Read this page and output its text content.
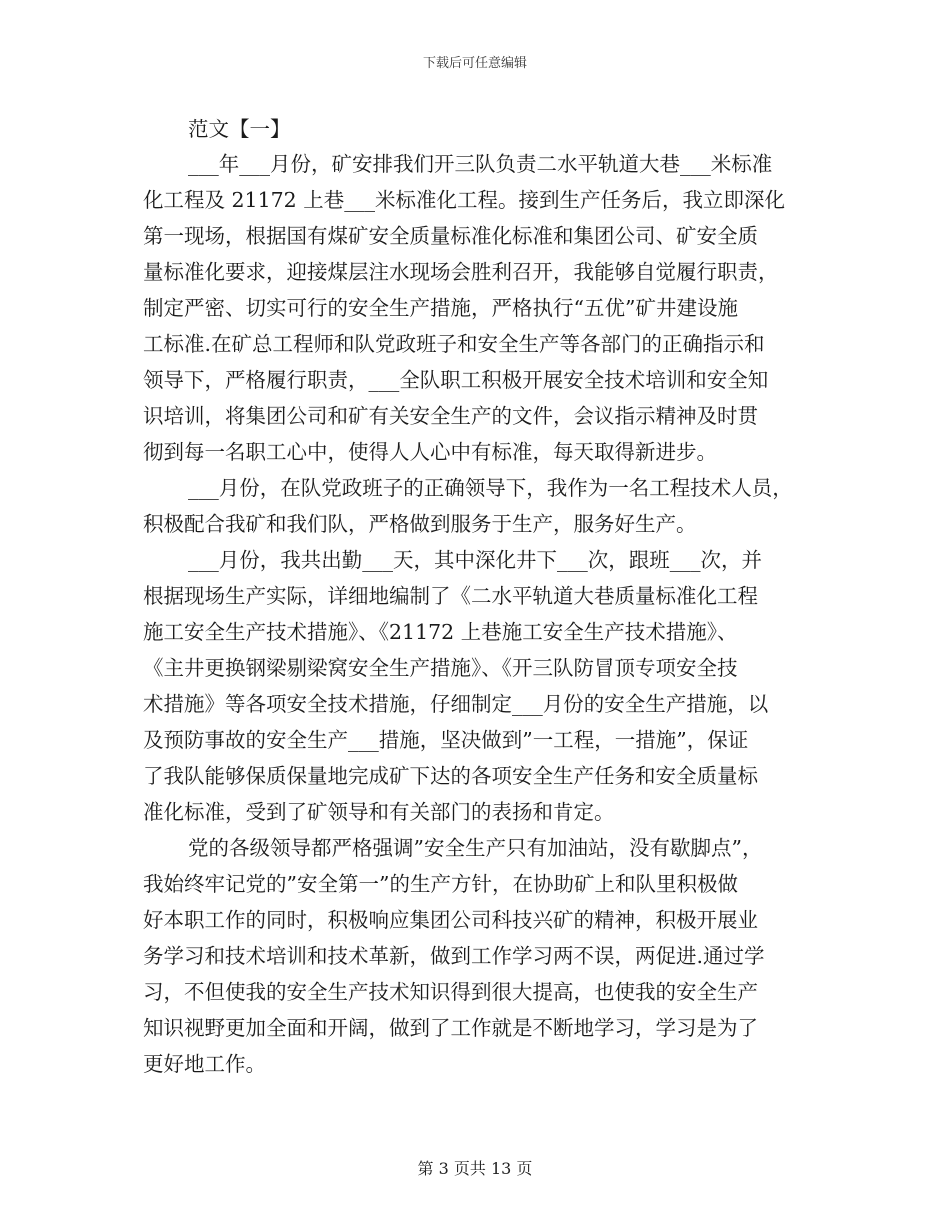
下载后可任意编辑
范文【一】
___年___月份，矿安排我们开三队负责二水平轨道大巷___米标准
化工程及 21172 上巷___米标准化工程。接到生产任务后，我立即深化
第一现场，根据国有煤矿安全质量标准化标准和集团公司、矿安全质
量标准化要求，迎接煤层注水现场会胜利召开，我能够自觉履行职责，
制定严密、切实可行的安全生产措施，严格执行“五优”矿井建设施
工标准.在矿总工程师和队党政班子和安全生产等各部门的正确指示和
领导下，严格履行职责，___全队职工积极开展安全技术培训和安全知
识培训，将集团公司和矿有关安全生产的文件，会议指示精神及时贯
彻到每一名职工心中，使得人人心中有标准，每天取得新进步。
___月份，在队党政班子的正确领导下，我作为一名工程技术人员，
积极配合我矿和我们队，严格做到服务于生产，服务好生产。
___月份，我共出勤___天，其中深化井下___次，跟班___次，并
根据现场生产实际，详细地编制了《二水平轨道大巷质量标准化工程
施工安全生产技术措施》、《21172 上巷施工安全生产技术措施》、
《主井更换钢梁剔梁窝安全生产措施》、《开三队防冒顶专项安全技
术措施》等各项安全技术措施，仔细制定___月份的安全生产措施，以
及预防事故的安全生产___措施，坚决做到”一工程，一措施”，保证
了我队能够保质保量地完成矿下达的各项安全生产任务和安全质量标
准化标准，受到了矿领导和有关部门的表扬和肯定。
党的各级领导都严格强调”安全生产只有加油站，没有歇脚点”，
我始终牢记党的”安全第一”的生产方针，在协助矿上和队里积极做
好本职工作的同时，积极响应集团公司科技兴矿的精神，积极开展业
务学习和技术培训和技术革新，做到工作学习两不误，两促进.通过学
习，不但使我的安全生产技术知识得到很大提高，也使我的安全生产
知识视野更加全面和开阔，做到了工作就是不断地学习，学习是为了
更好地工作。
第 3 页共 13 页
